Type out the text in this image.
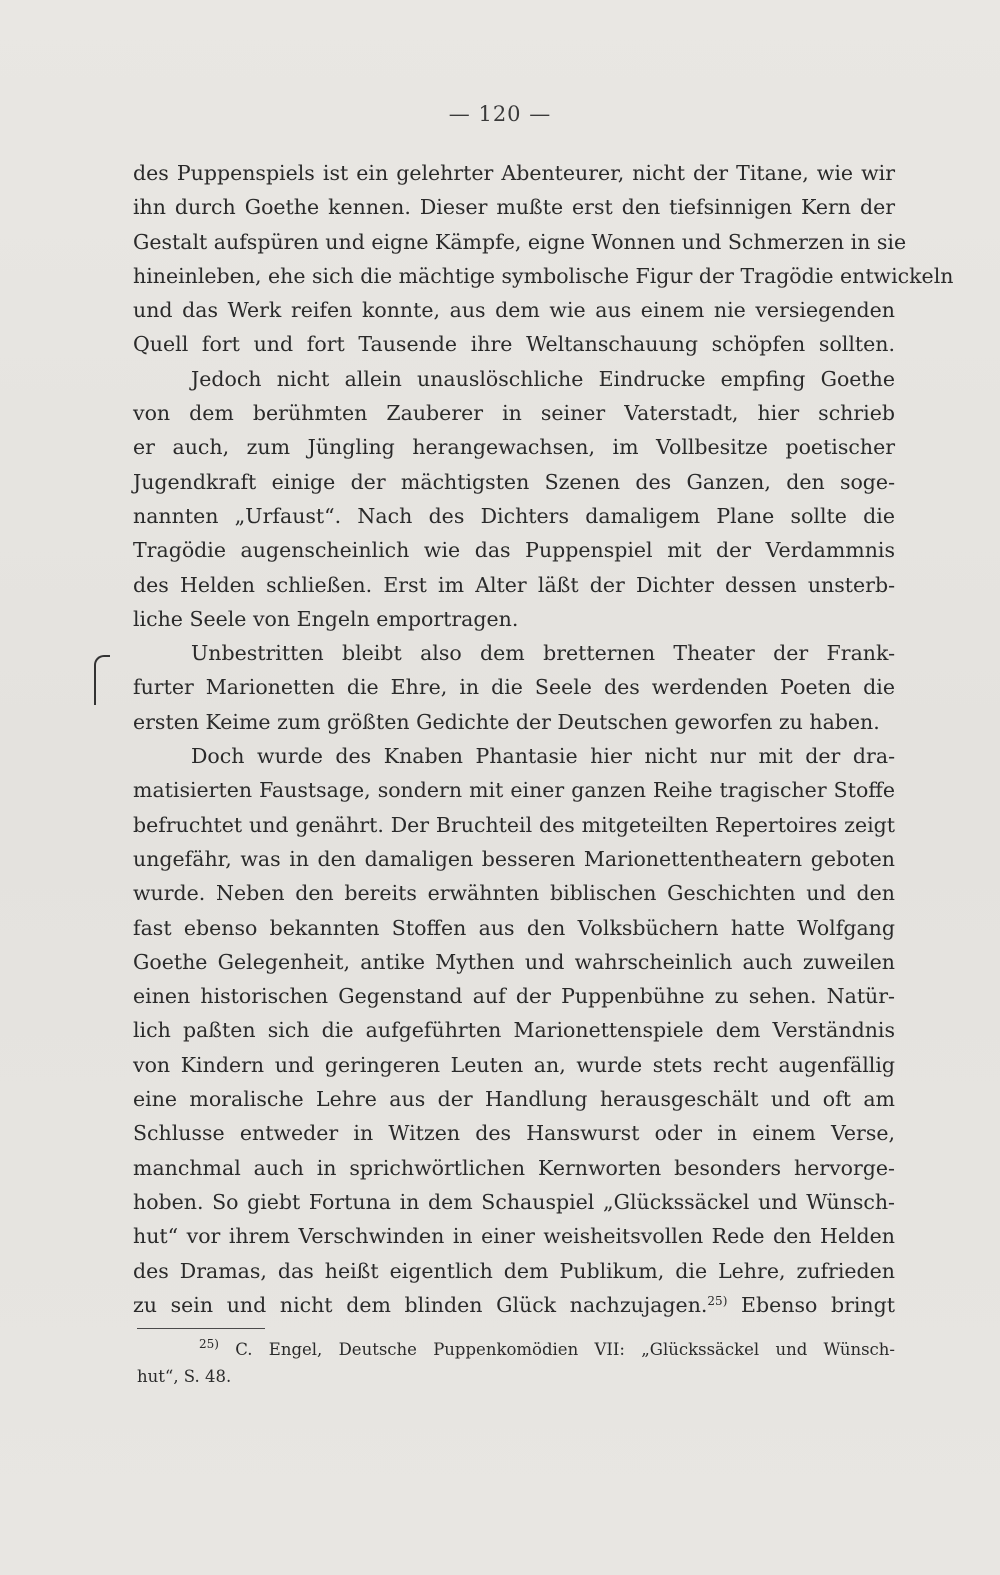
— 120 —
des Puppenspiels ist ein gelehrter Abenteurer, nicht der Titane, wie wir
ihn durch Goethe kennen. Dieser mußte erst den tiefsinnigen Kern der
Gestalt aufspüren und eigne Kämpfe, eigne Wonnen und Schmerzen in sie
hineinleben, ehe sich die mächtige symbolische Figur der Tragödie entwickeln
und das Werk reifen konnte, aus dem wie aus einem nie versiegenden
Quell fort und fort Tausende ihre Weltanschauung schöpfen sollten.
Jedoch nicht allein unauslöschliche Eindrucke empfing Goethe
von dem berühmten Zauberer in seiner Vaterstadt, hier schrieb
er auch, zum Jüngling herangewachsen, im Vollbesitze poetischer
Jugendkraft einige der mächtigsten Szenen des Ganzen, den soge-
nannten „Urfaust“. Nach des Dichters damaligem Plane sollte die
Tragödie augenscheinlich wie das Puppenspiel mit der Verdammnis
des Helden schließen. Erst im Alter läßt der Dichter dessen unsterb-
liche Seele von Engeln emportragen.
Unbestritten bleibt also dem bretternen Theater der Frank-
furter Marionetten die Ehre, in die Seele des werdenden Poeten die
ersten Keime zum größten Gedichte der Deutschen geworfen zu haben.
Doch wurde des Knaben Phantasie hier nicht nur mit der dra-
matisierten Faustsage, sondern mit einer ganzen Reihe tragischer Stoffe
befruchtet und genährt. Der Bruchteil des mitgeteilten Repertoires zeigt
ungefähr, was in den damaligen besseren Marionettentheatern geboten
wurde. Neben den bereits erwähnten biblischen Geschichten und den
fast ebenso bekannten Stoffen aus den Volksbüchern hatte Wolfgang
Goethe Gelegenheit, antike Mythen und wahrscheinlich auch zuweilen
einen historischen Gegenstand auf der Puppenbühne zu sehen. Natür-
lich paßten sich die aufgeführten Marionettenspiele dem Verständnis
von Kindern und geringeren Leuten an, wurde stets recht augenfällig
eine moralische Lehre aus der Handlung herausgeschält und oft am
Schlusse entweder in Witzen des Hanswurst oder in einem Verse,
manchmal auch in sprichwörtlichen Kernworten besonders hervorge-
hoben. So giebt Fortuna in dem Schauspiel „Glückssäckel und Wünsch-
hut“ vor ihrem Verschwinden in einer weisheitsvollen Rede den Helden
des Dramas, das heißt eigentlich dem Publikum, die Lehre, zufrieden
zu sein und nicht dem blinden Glück nachzujagen.$^{25)}$ Ebenso bringt
$^{25)}$ C. Engel, Deutsche Puppenkomödien VII: „Glückssäckel und Wünsch-
hut“, S. 48.
